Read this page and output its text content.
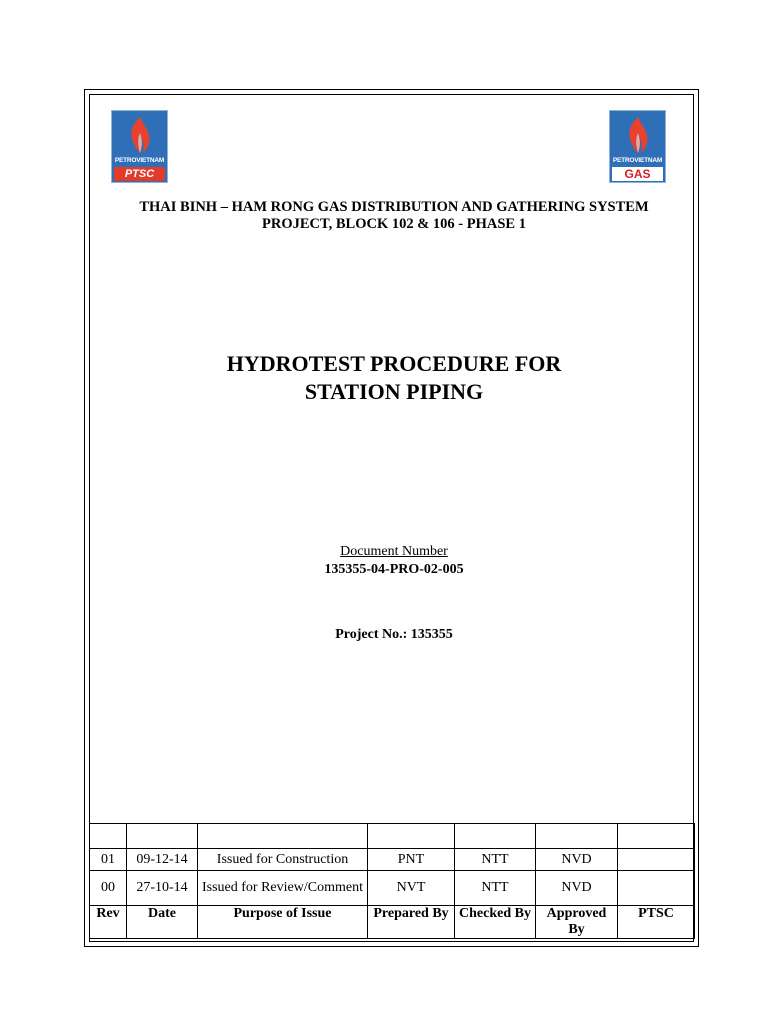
PETROVIETNAM
PTSC
PETROVIETNAM
GAS
THAI BINH – HAM RONG GAS DISTRIBUTION AND GATHERING SYSTEM
PROJECT, BLOCK 102 & 106 - PHASE 1
HYDROTEST PROCEDURE FOR
STATION PIPING
Document Number
135355-04-PRO-02-005
Project No.: 135355

01	09-12-14	Issued for Construction	PNT	NTT	NVD	
00	27-10-14	Issued for Review/Comment	NVT	NTT	NVD	
Rev	Date	Purpose of Issue	Prepared By	Checked By	Approved By	PTSC
